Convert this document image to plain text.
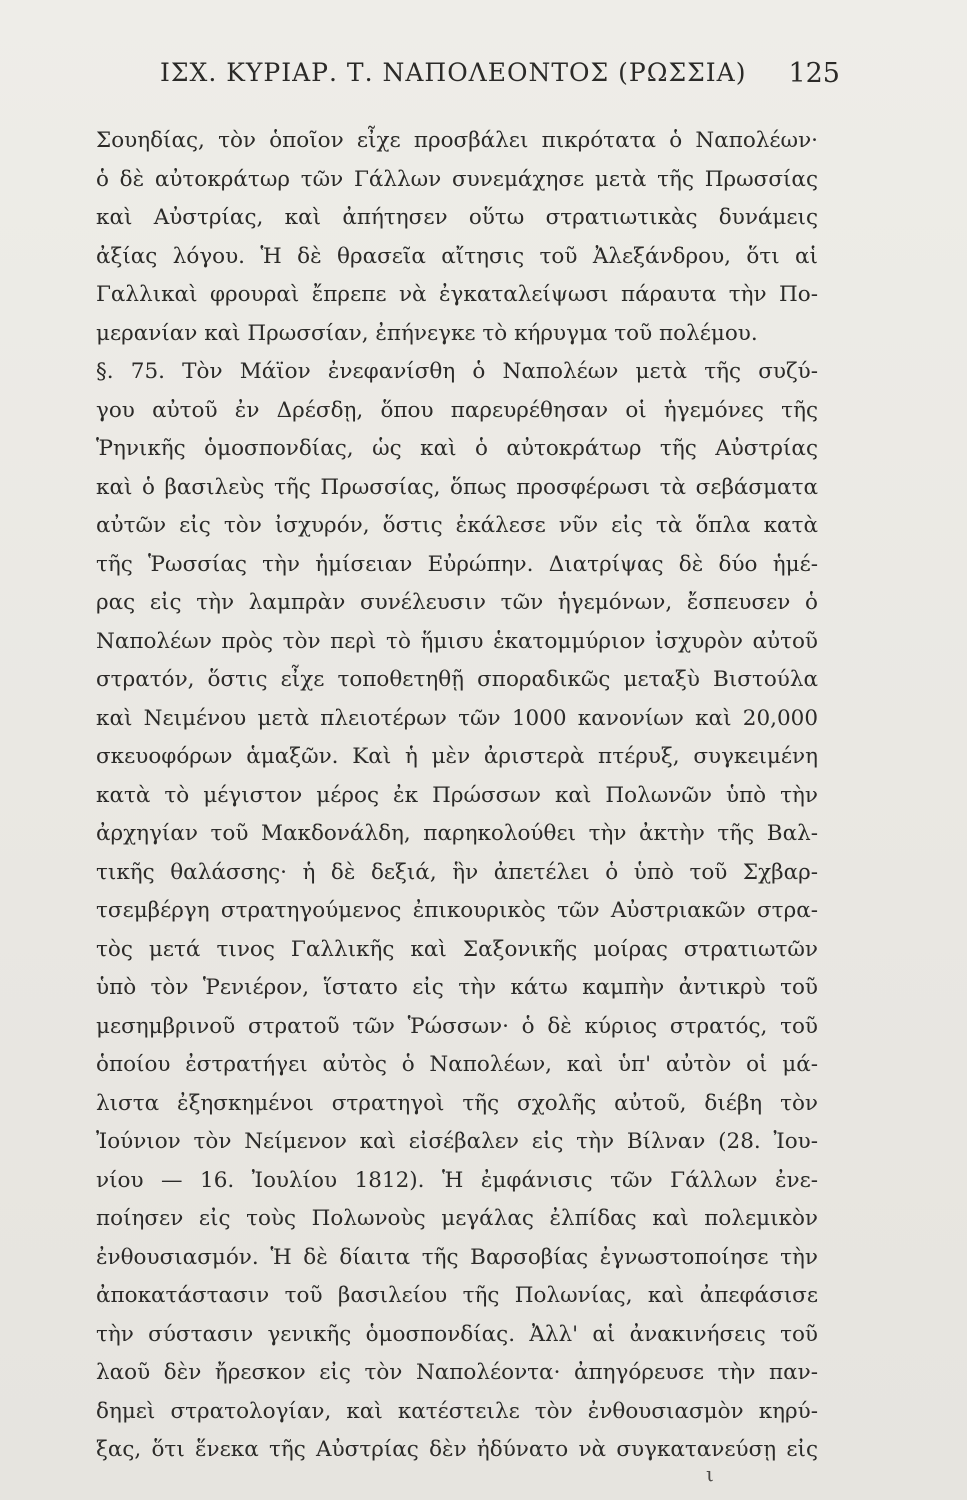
ΙΣΧ. ΚΥΡΙΑΡ. Τ. ΝΑΠΟΛΕΟΝΤΟΣ (ΡΩΣΣΙΑ) 125
Σουηδίας, τὸν ὁποῖον εἶχε προσβάλει πικρότατα ὁ Ναπολέων·
ὁ δὲ αὐτοκράτωρ τῶν Γάλλων συνεμάχησε μετὰ τῆς Πρωσσίας
καὶ Αὐστρίας, καὶ ἀπήτησεν οὕτω στρατιωτικὰς δυνάμεις
ἀξίας λόγου. Ἡ δὲ θρασεῖα αἴτησις τοῦ Ἀλεξάνδρου, ὅτι αἱ
Γαλλικαὶ φρουραὶ ἔπρεπε νὰ ἐγκαταλείψωσι πάραυτα τὴν Πο-
μερανίαν καὶ Πρωσσίαν, ἐπήνεγκε τὸ κήρυγμα τοῦ πολέμου.
§. 75. Τὸν Μάϊον ἐνεφανίσθη ὁ Ναπολέων μετὰ τῆς συζύ-
γου αὐτοῦ ἐν Δρέσδῃ, ὅπου παρευρέθησαν οἱ ἡγεμόνες τῆς
Ῥηνικῆς ὁμοσπονδίας, ὡς καὶ ὁ αὐτοκράτωρ τῆς Αὐστρίας
καὶ ὁ βασιλεὺς τῆς Πρωσσίας, ὅπως προσφέρωσι τὰ σεβάσματα
αὐτῶν εἰς τὸν ἰσχυρόν, ὅστις ἐκάλεσε νῦν εἰς τὰ ὅπλα κατὰ
τῆς Ῥωσσίας τὴν ἡμίσειαν Εὐρώπην. Διατρίψας δὲ δύο ἡμέ-
ρας εἰς τὴν λαμπρὰν συνέλευσιν τῶν ἡγεμόνων, ἔσπευσεν ὁ
Ναπολέων πρὸς τὸν περὶ τὸ ἥμισυ ἑκατομμύριον ἰσχυρὸν αὐτοῦ
στρατόν, ὅστις εἶχε τοποθετηθῇ σποραδικῶς μεταξὺ Βιστούλα
καὶ Νειμένου μετὰ πλειοτέρων τῶν 1000 κανονίων καὶ 20,000
σκευοφόρων ἁμαξῶν. Καὶ ἡ μὲν ἀριστερὰ πτέρυξ, συγκειμένη
κατὰ τὸ μέγιστον μέρος ἐκ Πρώσσων καὶ Πολωνῶν ὑπὸ τὴν
ἀρχηγίαν τοῦ Μακδονάλδη, παρηκολούθει τὴν ἀκτὴν τῆς Βαλ-
τικῆς θαλάσσης· ἡ δὲ δεξιά, ἣν ἀπετέλει ὁ ὑπὸ τοῦ Σχβαρ-
τσεμβέργη στρατηγούμενος ἐπικουρικὸς τῶν Αὐστριακῶν στρα-
τὸς μετά τινος Γαλλικῆς καὶ Σαξονικῆς μοίρας στρατιωτῶν
ὑπὸ τὸν Ῥενιέρον, ἵστατο εἰς τὴν κάτω καμπὴν ἀντικρὺ τοῦ
μεσημβρινοῦ στρατοῦ τῶν Ῥώσσων· ὁ δὲ κύριος στρατός, τοῦ
ὁποίου ἐστρατήγει αὐτὸς ὁ Ναπολέων, καὶ ὑπ' αὐτὸν οἱ μά-
λιστα ἐξησκημένοι στρατηγοὶ τῆς σχολῆς αὐτοῦ, διέβη τὸν
Ἰούνιον τὸν Νείμενον καὶ εἰσέβαλεν εἰς τὴν Βίλναν (28. Ἰου-
νίου — 16. Ἰουλίου 1812). Ἡ ἐμφάνισις τῶν Γάλλων ἐνε-
ποίησεν εἰς τοὺς Πολωνοὺς μεγάλας ἐλπίδας καὶ πολεμικὸν
ἐνθουσιασμόν. Ἡ δὲ δίαιτα τῆς Βαρσοβίας ἐγνωστοποίησε τὴν
ἀποκατάστασιν τοῦ βασιλείου τῆς Πολωνίας, καὶ ἀπεφάσισε
τὴν σύστασιν γενικῆς ὁμοσπονδίας. Ἀλλ' αἱ ἀνακινήσεις τοῦ
λαοῦ δὲν ἤρεσκον εἰς τὸν Ναπολέοντα· ἀπηγόρευσε τὴν παν-
δημεὶ στρατολογίαν, καὶ κατέστειλε τὸν ἐνθουσιασμὸν κηρύ-
ξας, ὅτι ἕνεκα τῆς Αὐστρίας δὲν ἠδύνατο νὰ συγκατανεύσῃ εἰς
ι
